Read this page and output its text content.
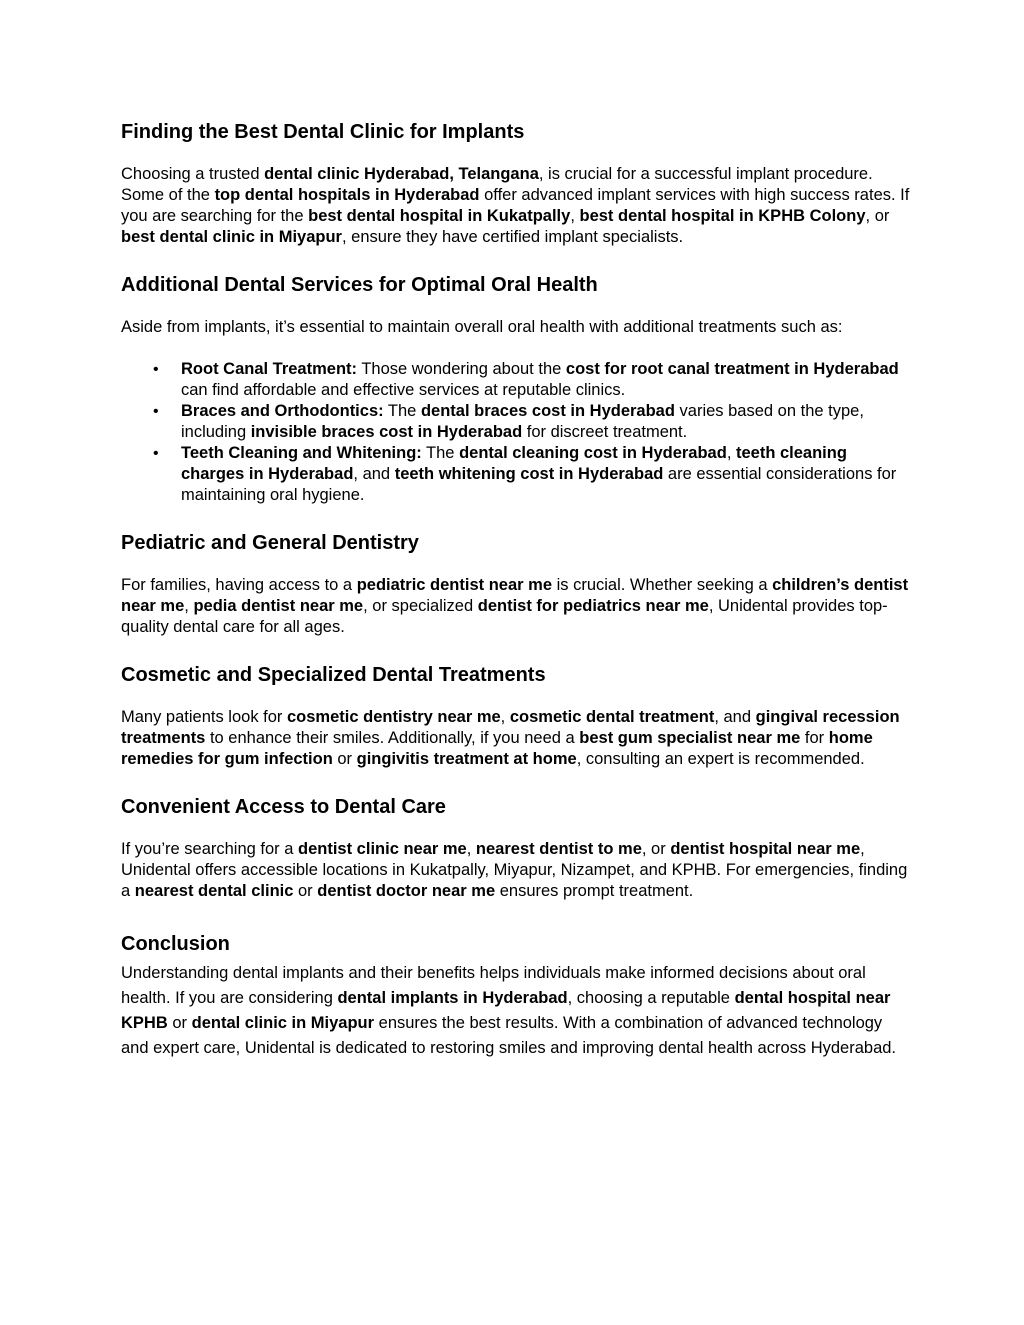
Finding the Best Dental Clinic for Implants

Choosing a trusted dental clinic Hyderabad, Telangana, is crucial for a successful implant procedure. Some of the top dental hospitals in Hyderabad offer advanced implant services with high success rates. If you are searching for the best dental hospital in Kukatpally, best dental hospital in KPHB Colony, or best dental clinic in Miyapur, ensure they have certified implant specialists.

Additional Dental Services for Optimal Oral Health

Aside from implants, it’s essential to maintain overall oral health with additional treatments such as:

• Root Canal Treatment: Those wondering about the cost for root canal treatment in Hyderabad can find affordable and effective services at reputable clinics.
• Braces and Orthodontics: The dental braces cost in Hyderabad varies based on the type, including invisible braces cost in Hyderabad for discreet treatment.
• Teeth Cleaning and Whitening: The dental cleaning cost in Hyderabad, teeth cleaning charges in Hyderabad, and teeth whitening cost in Hyderabad are essential considerations for maintaining oral hygiene.
Pediatric and General Dentistry

For families, having access to a pediatric dentist near me is crucial. Whether seeking a children’s dentist near me, pedia dentist near me, or specialized dentist for pediatrics near me, Unidental provides top-quality dental care for all ages.

Cosmetic and Specialized Dental Treatments

Many patients look for cosmetic dentistry near me, cosmetic dental treatment, and gingival recession treatments to enhance their smiles. Additionally, if you need a best gum specialist near me for home remedies for gum infection or gingivitis treatment at home, consulting an expert is recommended.

Convenient Access to Dental Care

If you’re searching for a dentist clinic near me, nearest dentist to me, or dentist hospital near me, Unidental offers accessible locations in Kukatpally, Miyapur, Nizampet, and KPHB. For emergencies, finding a nearest dental clinic or dentist doctor near me ensures prompt treatment.

Conclusion

Understanding dental implants and their benefits helps individuals make informed decisions about oral health. If you are considering dental implants in Hyderabad, choosing a reputable dental hospital near KPHB or dental clinic in Miyapur ensures the best results. With a combination of advanced technology and expert care, Unidental is dedicated to restoring smiles and improving dental health across Hyderabad.
